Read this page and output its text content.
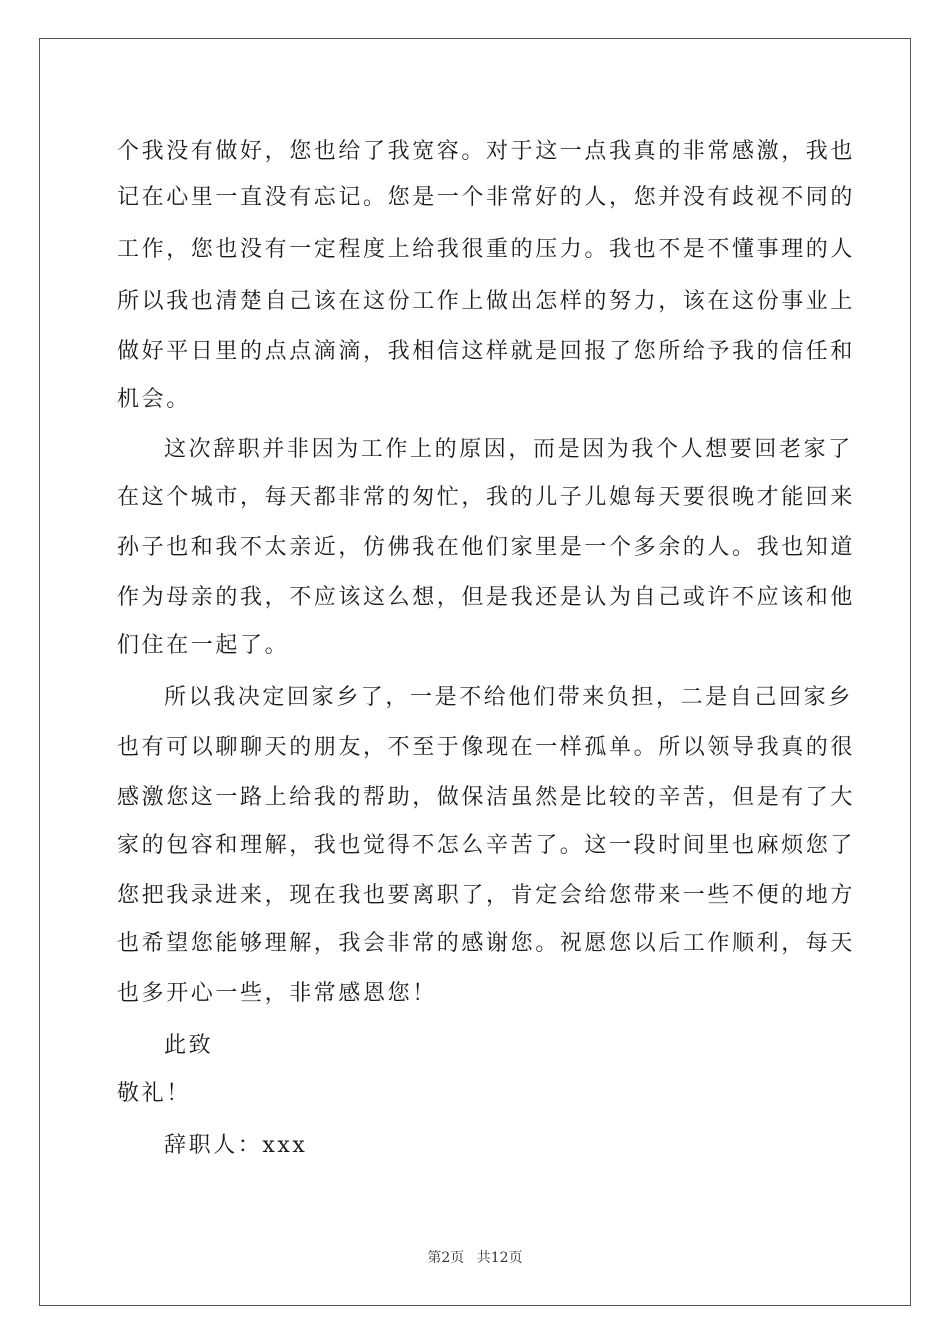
个我没有做好，您也给了我宽容。对于这一点我真的非常感激，我也
记在心里一直没有忘记。您是一个非常好的人，您并没有歧视不同的
工作，您也没有一定程度上给我很重的压力。我也不是不懂事理的人
所以我也清楚自己该在这份工作上做出怎样的努力，该在这份事业上
做好平日里的点点滴滴，我相信这样就是回报了您所给予我的信任和
机会。
这次辞职并非因为工作上的原因，而是因为我个人想要回老家了
在这个城市，每天都非常的匆忙，我的儿子儿媳每天要很晚才能回来
孙子也和我不太亲近，仿佛我在他们家里是一个多余的人。我也知道
作为母亲的我，不应该这么想，但是我还是认为自己或许不应该和他
们住在一起了。
所以我决定回家乡了，一是不给他们带来负担，二是自己回家乡
也有可以聊聊天的朋友，不至于像现在一样孤单。所以领导我真的很
感激您这一路上给我的帮助，做保洁虽然是比较的辛苦，但是有了大
家的包容和理解，我也觉得不怎么辛苦了。这一段时间里也麻烦您了
您把我录进来，现在我也要离职了，肯定会给您带来一些不便的地方
也希望您能够理解，我会非常的感谢您。祝愿您以后工作顺利，每天
也多开心一些，非常感恩您！
此致
敬礼！
辞职人：xxx
第2页 共12页
